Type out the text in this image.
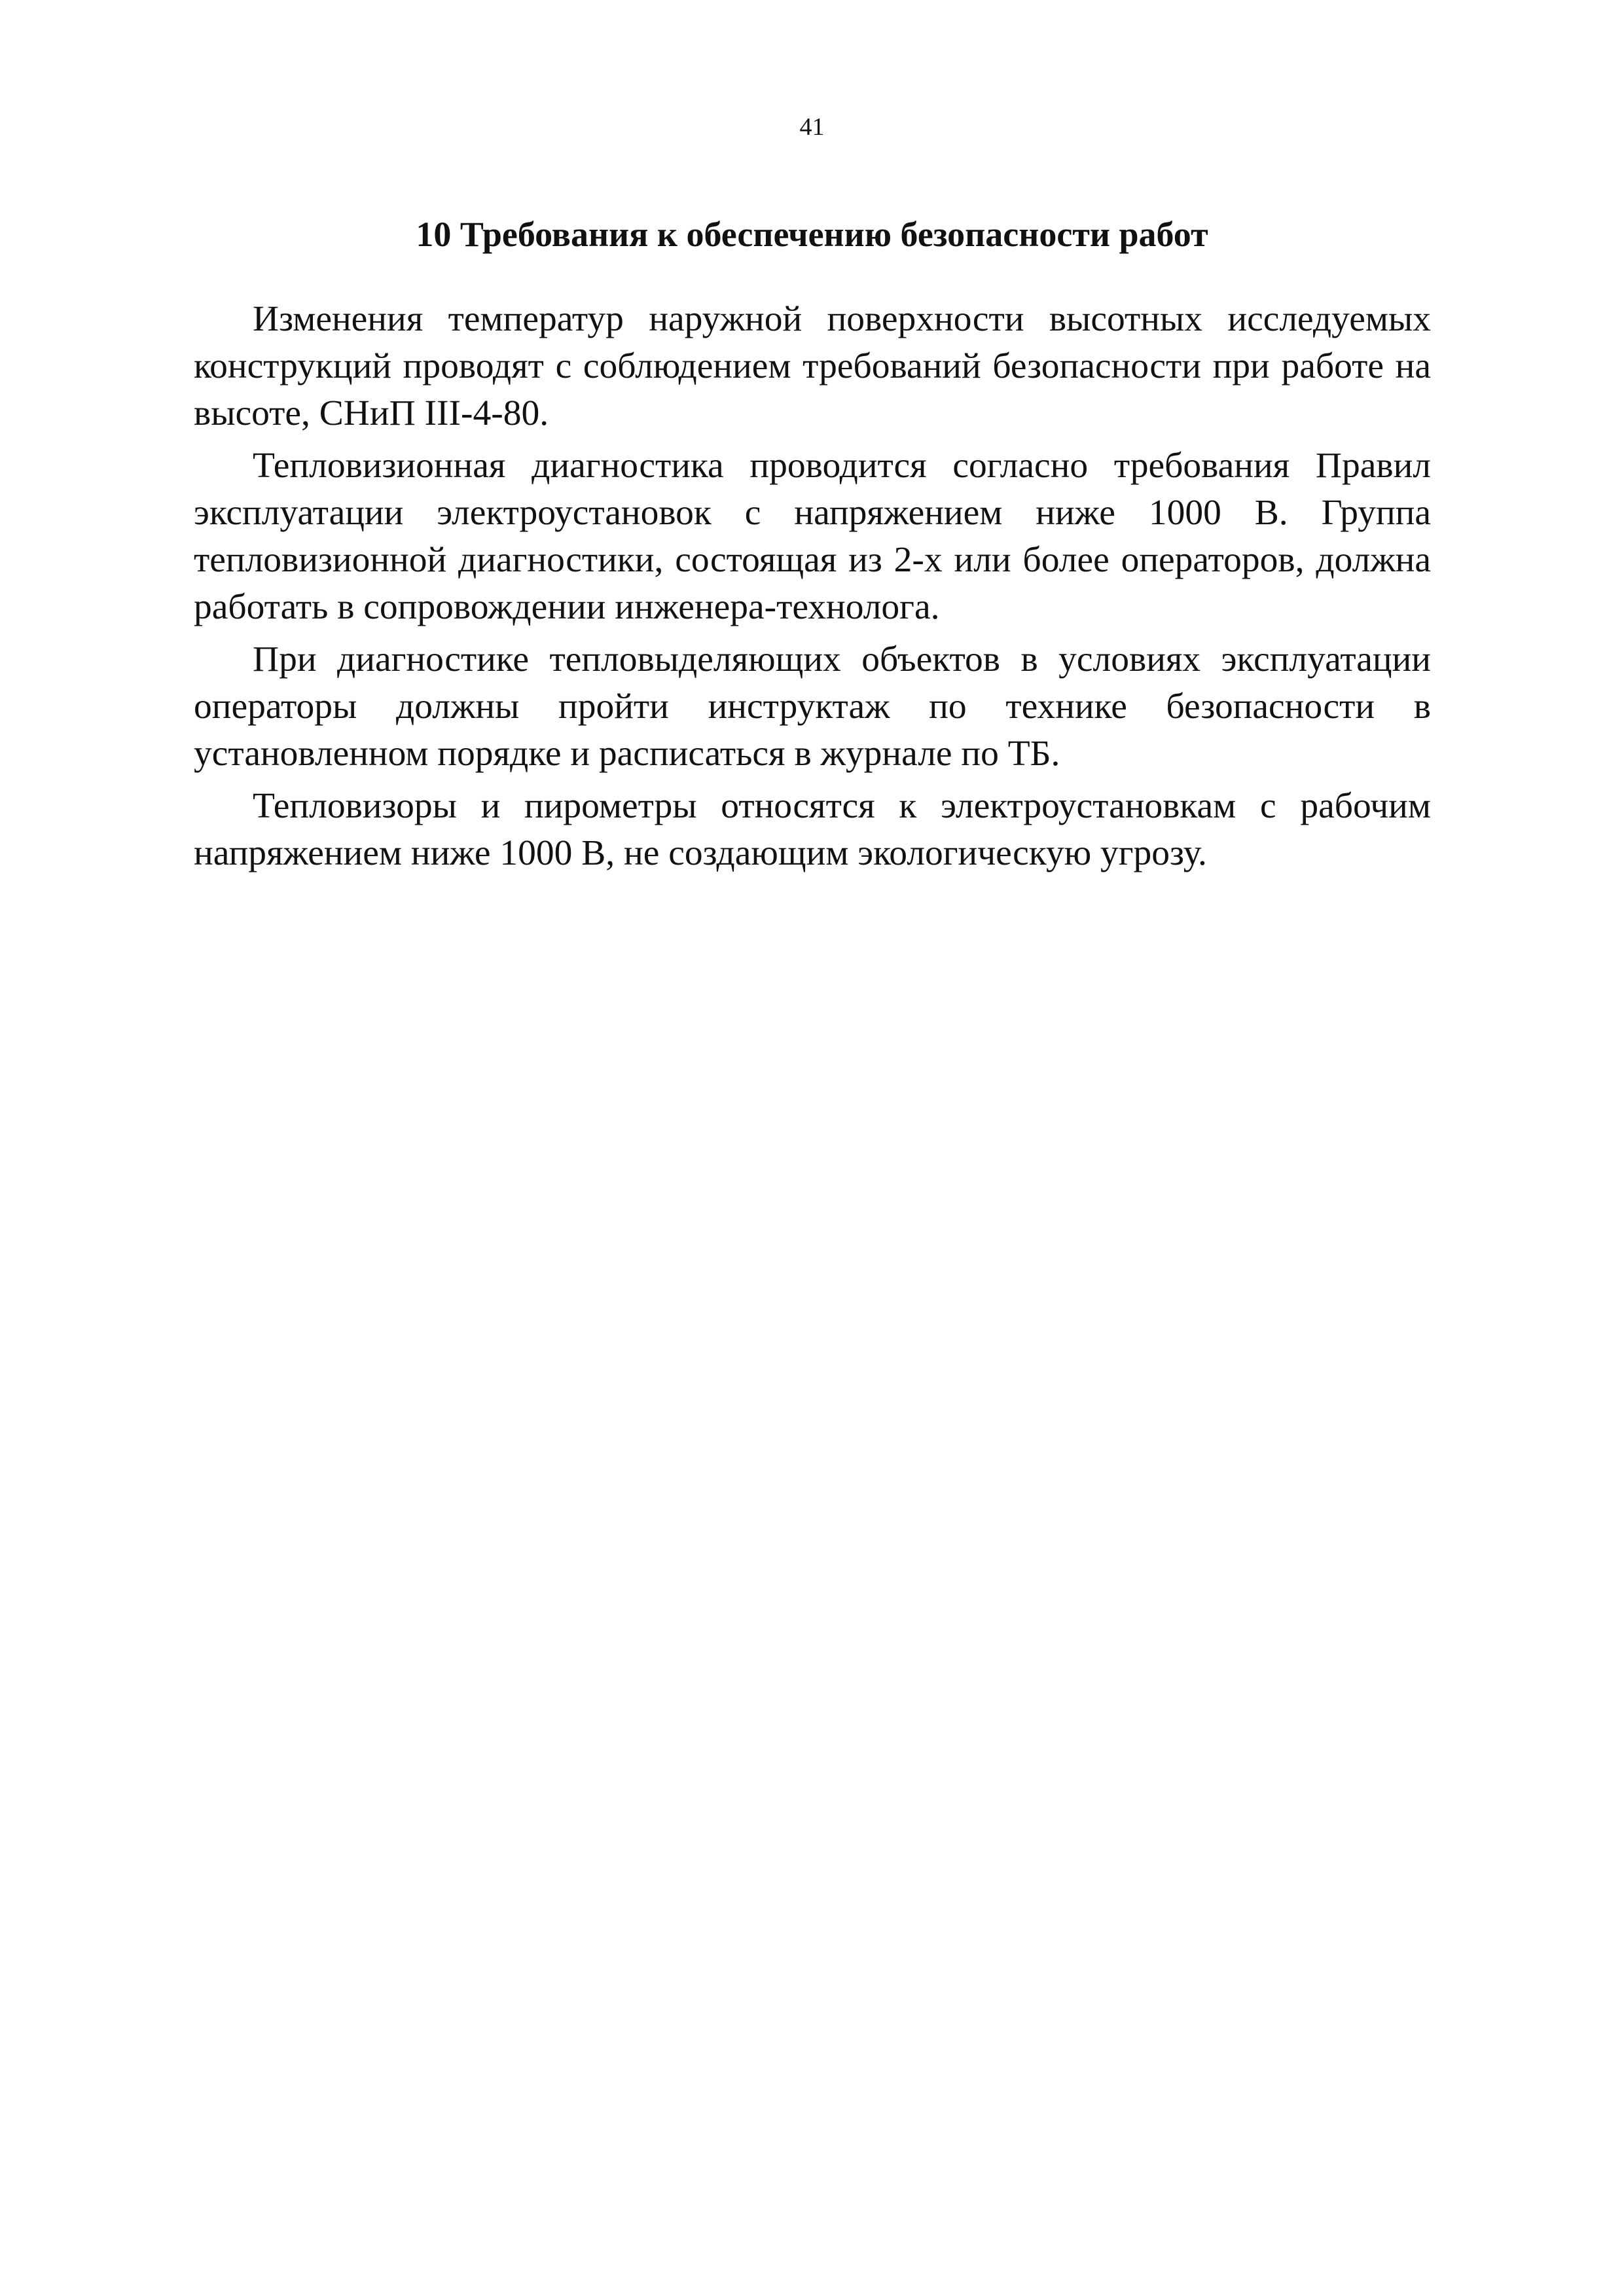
41
10 Требования к обеспечению безопасности работ

Изменения температур наружной поверхности высотных исследуемых конструкций проводят с соблюдением требований безопасности при работе на высоте, СНиП III-4-80.

Тепловизионная диагностика проводится согласно требования Правил эксплуатации электроустановок с напряжением ниже 1000 В. Группа тепловизионной диагностики, состоящая из 2-х или более операторов, должна работать в сопровождении инженера-технолога.

При диагностике тепловыделяющих объектов в условиях эксплуатации операторы должны пройти инструктаж по технике безопасности в установленном порядке и расписаться в журнале по ТБ.

Тепловизоры и пирометры относятся к электроустановкам с рабочим напряжением ниже 1000 В, не создающим экологическую угрозу.
